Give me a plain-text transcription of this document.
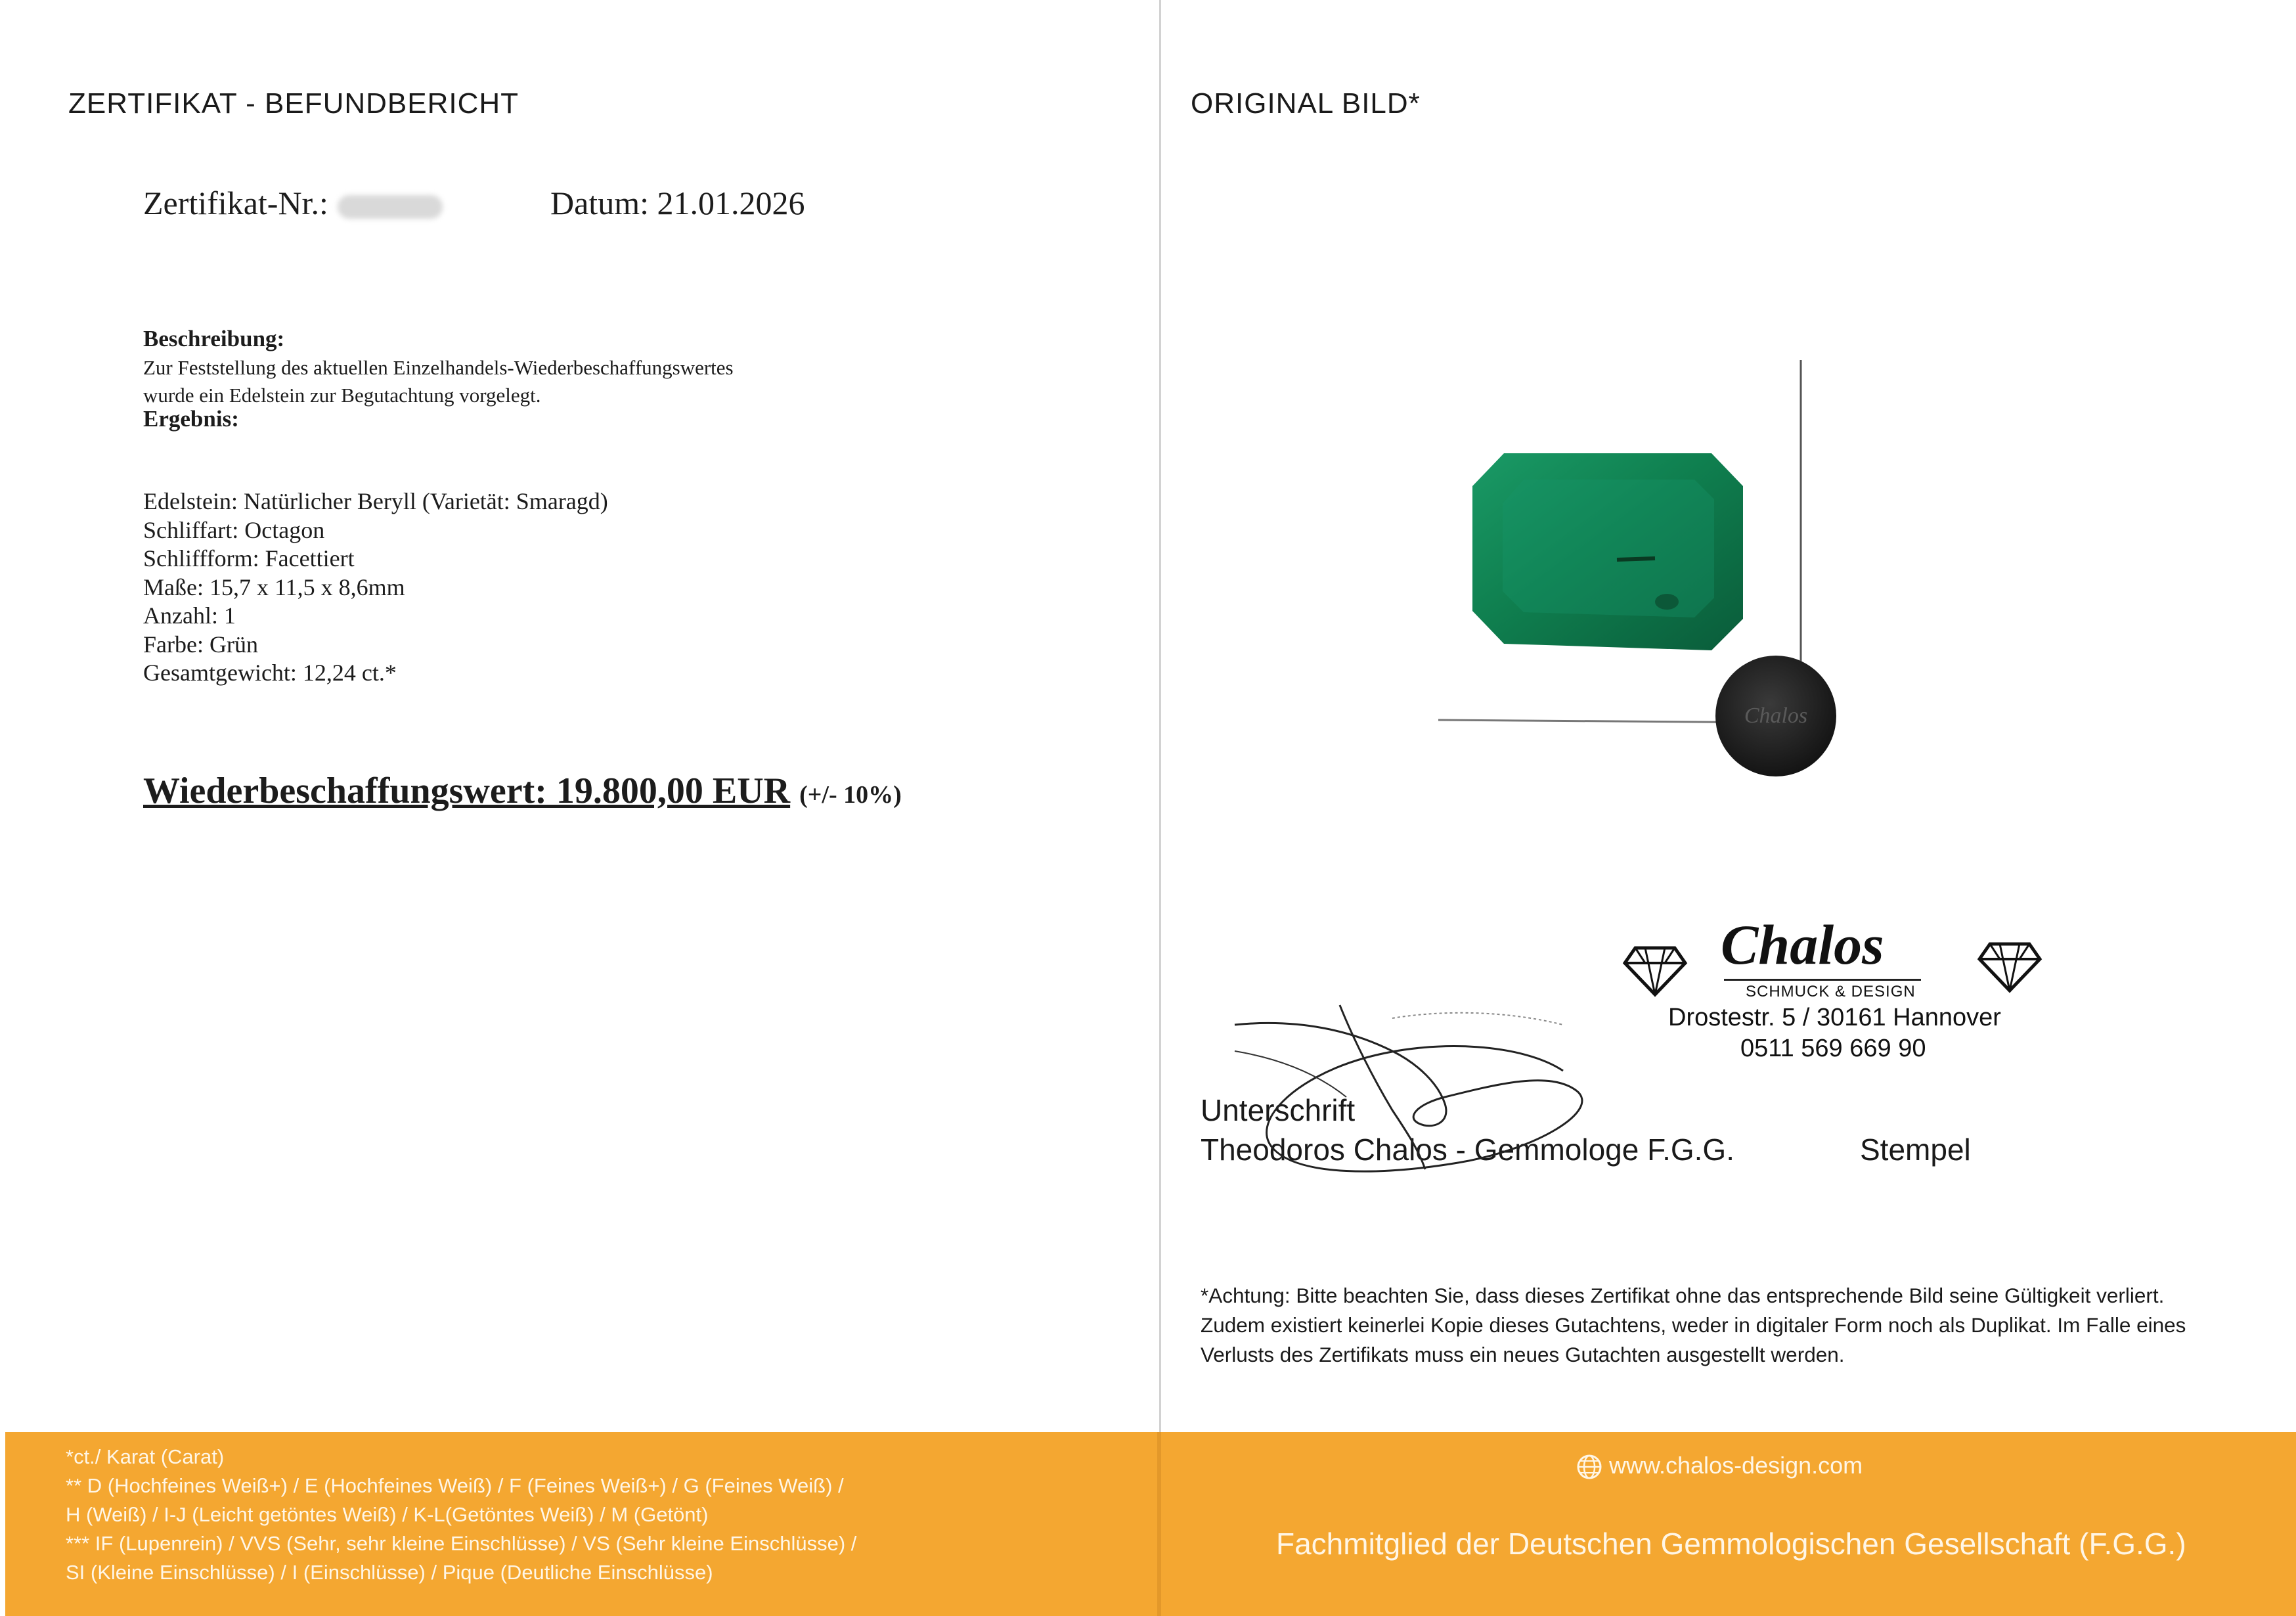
ZERTIFIKAT - BEFUNDBERICHT
Zertifikat-Nr.:	Datum: 21.01.2026
Beschreibung:
Zur Feststellung des aktuellen Einzelhandels-Wiederbeschaffungswertes
wurde ein Edelstein zur Begutachtung vorgelegt.
Ergebnis:
Edelstein: Natürlicher Beryll (Varietät: Smaragd)
Schliffart: Octagon
Schliffform: Facettiert
Maße: 15,7 x 11,5 x 8,6mm
Anzahl: 1
Farbe: Grün
Gesamtgewicht: 12,24 ct.*
Wiederbeschaffungswert: 19.800,00 EUR (+/- 10%)
ORIGINAL BILD*
Chalos
Chalos
SCHMUCK & DESIGN
Drostestr. 5 / 30161 Hannover
0511 569 669 90
Unterschrift
Theodoros Chalos - Gemmologe F.G.G.	Stempel
*Achtung: Bitte beachten Sie, dass dieses Zertifikat ohne das entsprechende Bild seine Gültigkeit verliert.
Zudem existiert keinerlei Kopie dieses Gutachtens, weder in digitaler Form noch als Duplikat. Im Falle eines
Verlusts des Zertifikats muss ein neues Gutachten ausgestellt werden.
*ct./ Karat (Carat)
** D (Hochfeines Weiß+) / E (Hochfeines Weiß) / F (Feines Weiß+) / G (Feines Weiß) /
H (Weiß) / I-J (Leicht getöntes Weiß) / K-L(Getöntes Weiß) / M (Getönt)
*** IF (Lupenrein) / VVS (Sehr, sehr kleine Einschlüsse) / VS (Sehr kleine Einschlüsse) /
SI (Kleine Einschlüsse) / I (Einschlüsse) / Pique (Deutliche Einschlüsse)
www.chalos-design.com
Fachmitglied der Deutschen Gemmologischen Gesellschaft (F.G.G.)
